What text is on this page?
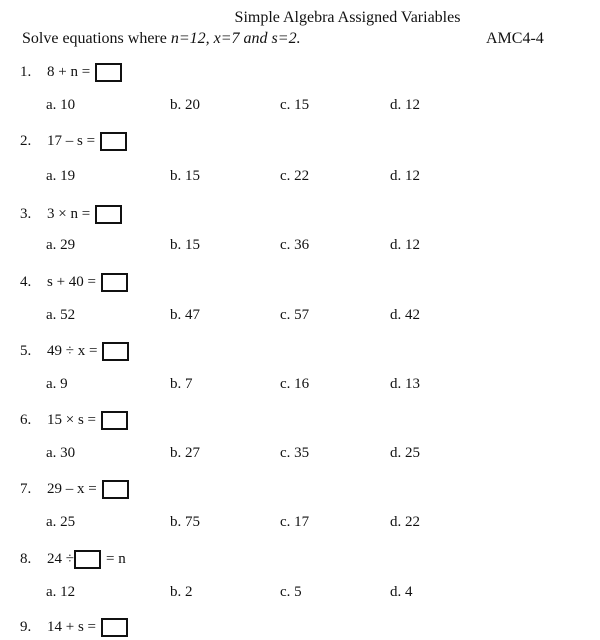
Simple Algebra Assigned Variables
Solve equations where n=12, x=7 and s=2.	AMC4-4
1.	8 + n =
a. 10	b. 20	c. 15	d. 12
2.	17 – s =
a. 19	b. 15	c. 22	d. 12
3.	3 × n =
a. 29	b. 15	c. 36	d. 12
4.	s + 40 =
a. 52	b. 47	c. 57	d. 42
5.	49 ÷ x =
a. 9	b. 7	c. 16	d. 13
6.	15 × s =
a. 30	b. 27	c. 35	d. 25
7.	29 – x =
a. 25	b. 75	c. 17	d. 22
8.	24 ÷ = n
a. 12	b. 2	c. 5	d. 4
9.	14 + s =
